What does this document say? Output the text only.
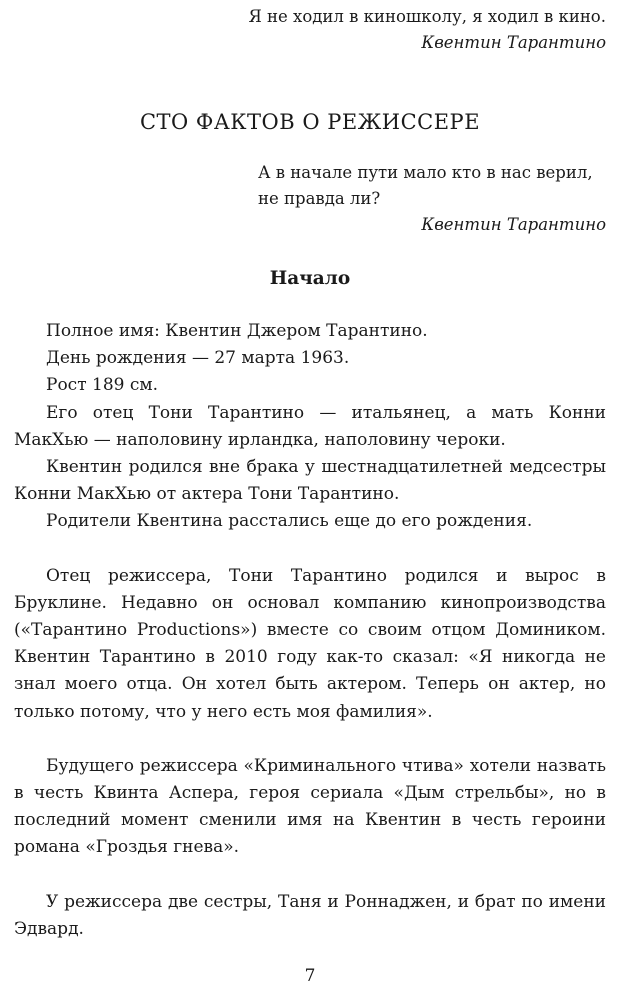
Я не ходил в киношколу, я ходил в кино.
Квентин Тарантино
СТО ФАКТОВ О РЕЖИССЕРЕ
А в начале пути мало кто в нас верил,
не правда ли?
Квентин Тарантино
Начало

Полное имя: Квентин Джером Тарантино.

День рождения — 27 марта 1963.

Рост 189 см.

Его отец Тони Тарантино — итальянец, а мать Конни МакХью — наполовину ирландка, наполовину чероки.

Квентин родился вне брака у шестнадцатилетней медсестры Конни МакХью от актера Тони Тарантино.

Родители Квентина расстались еще до его рождения.

Отец режиссера, Тони Тарантино родился и вырос в Бруклине. Недавно он основал компанию кинопроизводства («Тарантино Productions») вместе со своим отцом Домиником. Квентин Тарантино в 2010 году как-то сказал: «Я никогда не знал моего отца. Он хотел быть актером. Теперь он актер, но только потому, что у него есть моя фамилия».

Будущего режиссера «Криминального чтива» хотели назвать в честь Квинта Аспера, героя сериала «Дым стрельбы», но в последний момент сменили имя на Квентин в честь героини романа «Гроздья гнева».

У режиссера две сестры, Таня и Роннаджен, и брат по имени Эдвард.

7
